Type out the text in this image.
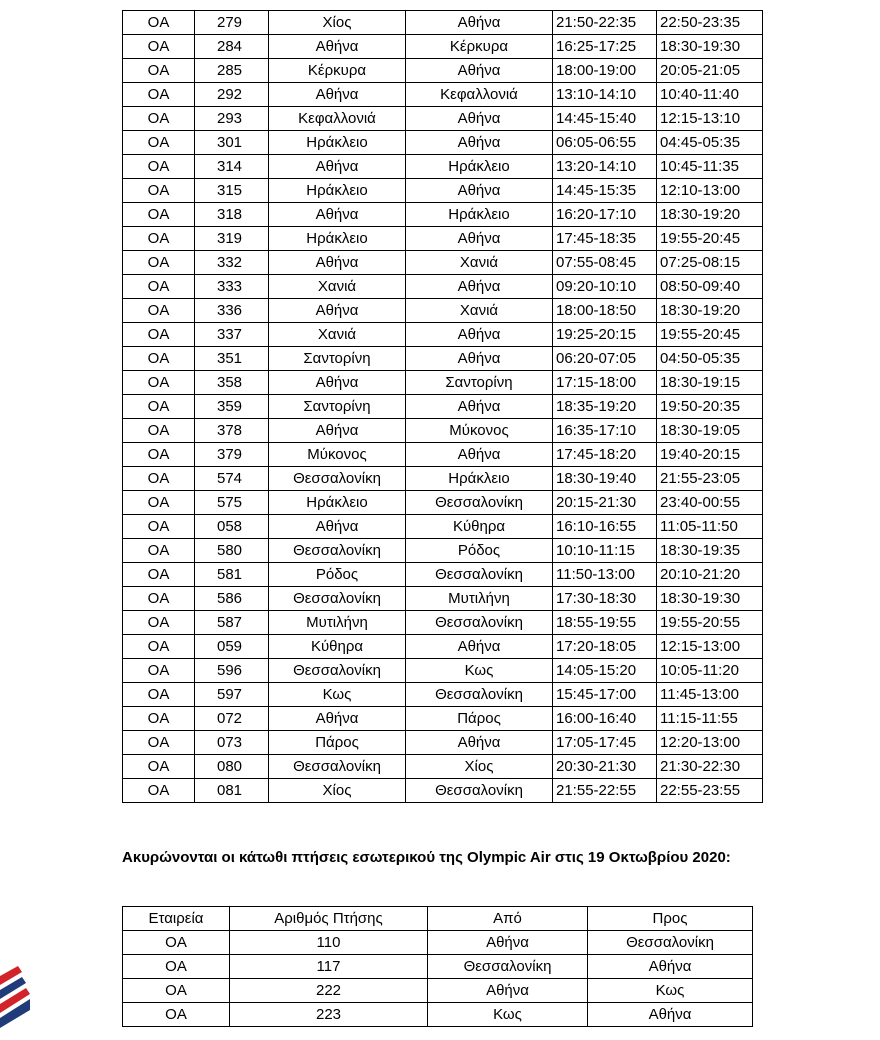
OA	279	Χίος	Αθήνα	21:50-22:35	22:50-23:35
OA	284	Αθήνα	Κέρκυρα	16:25-17:25	18:30-19:30
OA	285	Κέρκυρα	Αθήνα	18:00-19:00	20:05-21:05
OA	292	Αθήνα	Κεφαλλονιά	13:10-14:10	10:40-11:40
OA	293	Κεφαλλονιά	Αθήνα	14:45-15:40	12:15-13:10
OA	301	Ηράκλειο	Αθήνα	06:05-06:55	04:45-05:35
OA	314	Αθήνα	Ηράκλειο	13:20-14:10	10:45-11:35
OA	315	Ηράκλειο	Αθήνα	14:45-15:35	12:10-13:00
OA	318	Αθήνα	Ηράκλειο	16:20-17:10	18:30-19:20
OA	319	Ηράκλειο	Αθήνα	17:45-18:35	19:55-20:45
OA	332	Αθήνα	Χανιά	07:55-08:45	07:25-08:15
OA	333	Χανιά	Αθήνα	09:20-10:10	08:50-09:40
OA	336	Αθήνα	Χανιά	18:00-18:50	18:30-19:20
OA	337	Χανιά	Αθήνα	19:25-20:15	19:55-20:45
OA	351	Σαντορίνη	Αθήνα	06:20-07:05	04:50-05:35
OA	358	Αθήνα	Σαντορίνη	17:15-18:00	18:30-19:15
OA	359	Σαντορίνη	Αθήνα	18:35-19:20	19:50-20:35
OA	378	Αθήνα	Μύκονος	16:35-17:10	18:30-19:05
OA	379	Μύκονος	Αθήνα	17:45-18:20	19:40-20:15
OA	574	Θεσσαλονίκη	Ηράκλειο	18:30-19:40	21:55-23:05
OA	575	Ηράκλειο	Θεσσαλονίκη	20:15-21:30	23:40-00:55
OA	058	Αθήνα	Κύθηρα	16:10-16:55	11:05-11:50
OA	580	Θεσσαλονίκη	Ρόδος	10:10-11:15	18:30-19:35
OA	581	Ρόδος	Θεσσαλονίκη	11:50-13:00	20:10-21:20
OA	586	Θεσσαλονίκη	Μυτιλήνη	17:30-18:30	18:30-19:30
OA	587	Μυτιλήνη	Θεσσαλονίκη	18:55-19:55	19:55-20:55
OA	059	Κύθηρα	Αθήνα	17:20-18:05	12:15-13:00
OA	596	Θεσσαλονίκη	Κως	14:05-15:20	10:05-11:20
OA	597	Κως	Θεσσαλονίκη	15:45-17:00	11:45-13:00
OA	072	Αθήνα	Πάρος	16:00-16:40	11:15-11:55
OA	073	Πάρος	Αθήνα	17:05-17:45	12:20-13:00
OA	080	Θεσσαλονίκη	Χίος	20:30-21:30	21:30-22:30
OA	081	Χίος	Θεσσαλονίκη	21:55-22:55	22:55-23:55
Ακυρώνονται οι κάτωθι πτήσεις εσωτερικού της Olympic Air στις 19 Οκτωβρίου 2020:
Εταιρεία	Αριθμός Πτήσης	Από	Προς
OA	110	Αθήνα	Θεσσαλονίκη
OA	117	Θεσσαλονίκη	Αθήνα
OA	222	Αθήνα	Κως
OA	223	Κως	Αθήνα
